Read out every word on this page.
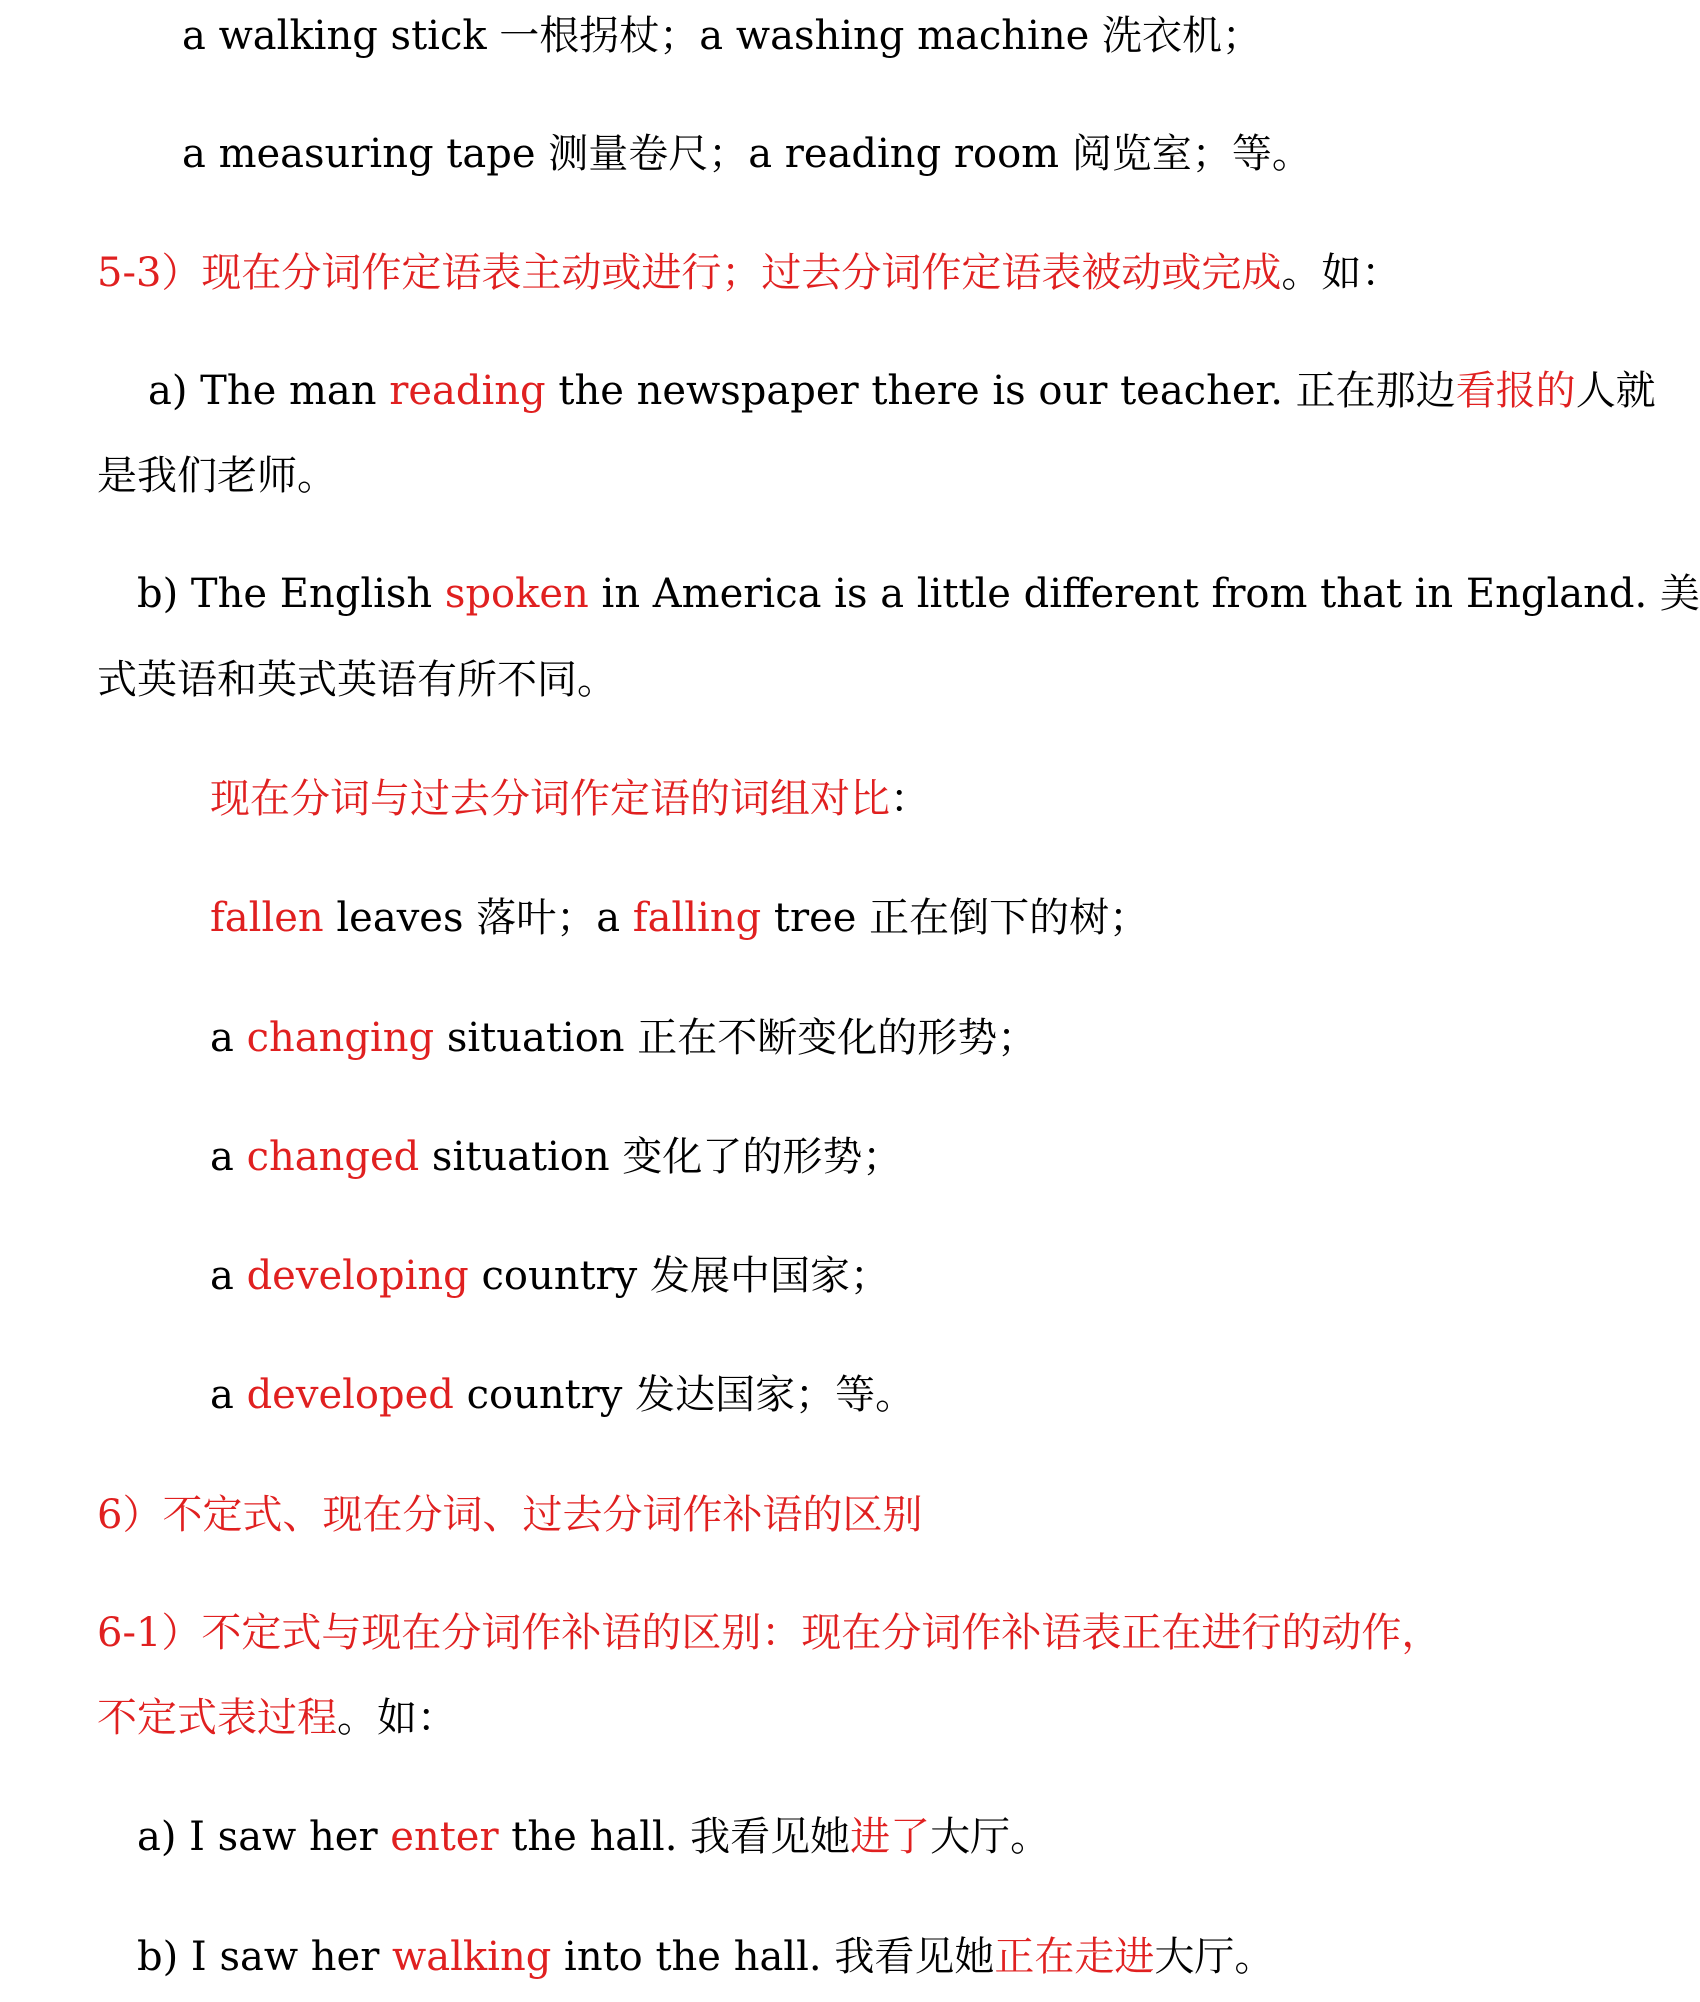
a walking stick 一根拐杖；a washing machine 洗衣机；
a measuring tape 测量卷尺；a reading room 阅览室；等。
5-3）现在分词作定语表主动或进行；过去分词作定语表被动或完成。如：
a) The man reading the newspaper there is our teacher. 正在那边看报的人就
是我们老师。
b) The English spoken in America is a little different from that in England. 美
式英语和英式英语有所不同。
现在分词与过去分词作定语的词组对比：
fallen leaves 落叶；a falling tree 正在倒下的树；
a changing situation 正在不断变化的形势；
a changed situation 变化了的形势；
a developing country 发展中国家；
a developed country 发达国家；等。
6）不定式、现在分词、过去分词作补语的区别
6-1）不定式与现在分词作补语的区别：现在分词作补语表正在进行的动作，
不定式表过程。如：
a) I saw her enter the hall. 我看见她进了大厅。
b) I saw her walking into the hall. 我看见她正在走进大厅。
